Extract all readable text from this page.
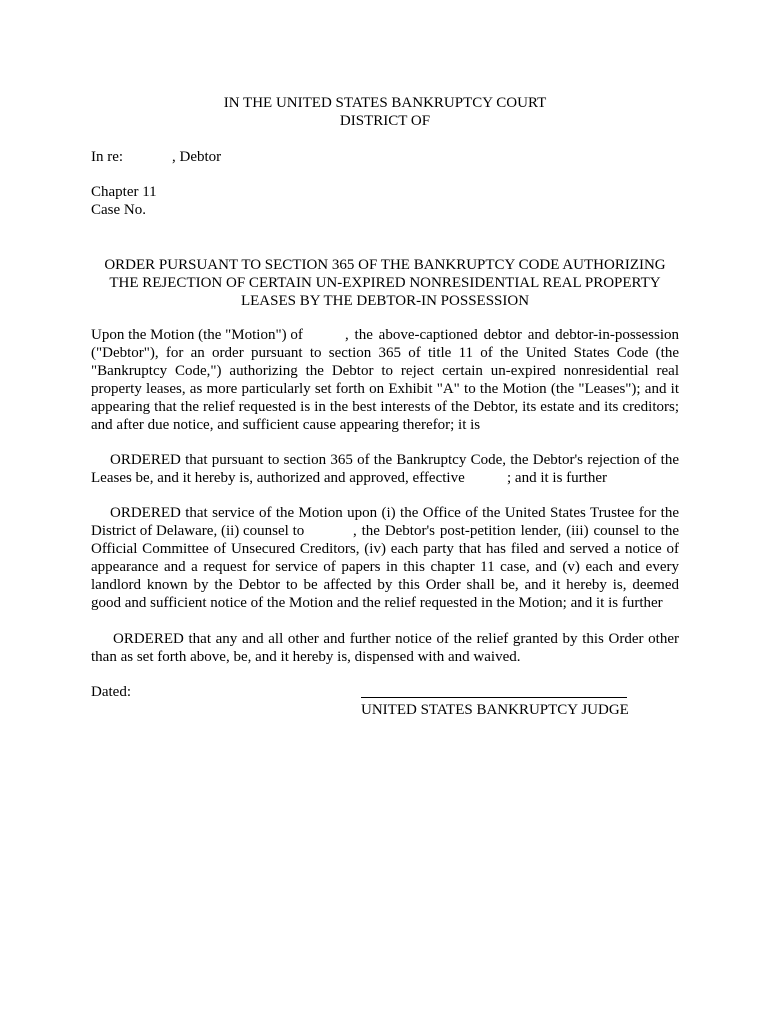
IN THE UNITED STATES BANKRUPTCY COURT
DISTRICT OF
In re:	, Debtor
Chapter 11
Case No.
ORDER PURSUANT TO SECTION 365 OF THE BANKRUPTCY CODE AUTHORIZING
THE REJECTION OF CERTAIN UN-EXPIRED NONRESIDENTIAL REAL PROPERTY
LEASES BY THE DEBTOR-IN POSSESSION
Upon the Motion (the "Motion") of	, the above-captioned debtor and debtor-in-possession
("Debtor"), for an order pursuant to section 365 of title 11 of the United States Code (the
"Bankruptcy Code,") authorizing the Debtor to reject certain un-expired nonresidential real
property leases, as more particularly set forth on Exhibit "A" to the Motion (the "Leases"); and it
appearing that the relief requested is in the best interests of the Debtor, its estate and its creditors;
and after due notice, and sufficient cause appearing therefor; it is
ORDERED that pursuant to section 365 of the Bankruptcy Code, the Debtor's rejection of the
Leases be, and it hereby is, authorized and approved, effective	; and it is further
ORDERED that service of the Motion upon (i) the Office of the United States Trustee for the
District of Delaware, (ii) counsel to	, the Debtor's post-petition lender, (iii) counsel to the
Official Committee of Unsecured Creditors, (iv) each party that has filed and served a notice of
appearance and a request for service of papers in this chapter 11 case, and (v) each and every
landlord known by the Debtor to be affected by this Order shall be, and it hereby is, deemed
good and sufficient notice of the Motion and the relief requested in the Motion; and it is further
ORDERED that any and all other and further notice of the relief granted by this Order other
than as set forth above, be, and it hereby is, dispensed with and waived.
Dated:
UNITED STATES BANKRUPTCY JUDGE
